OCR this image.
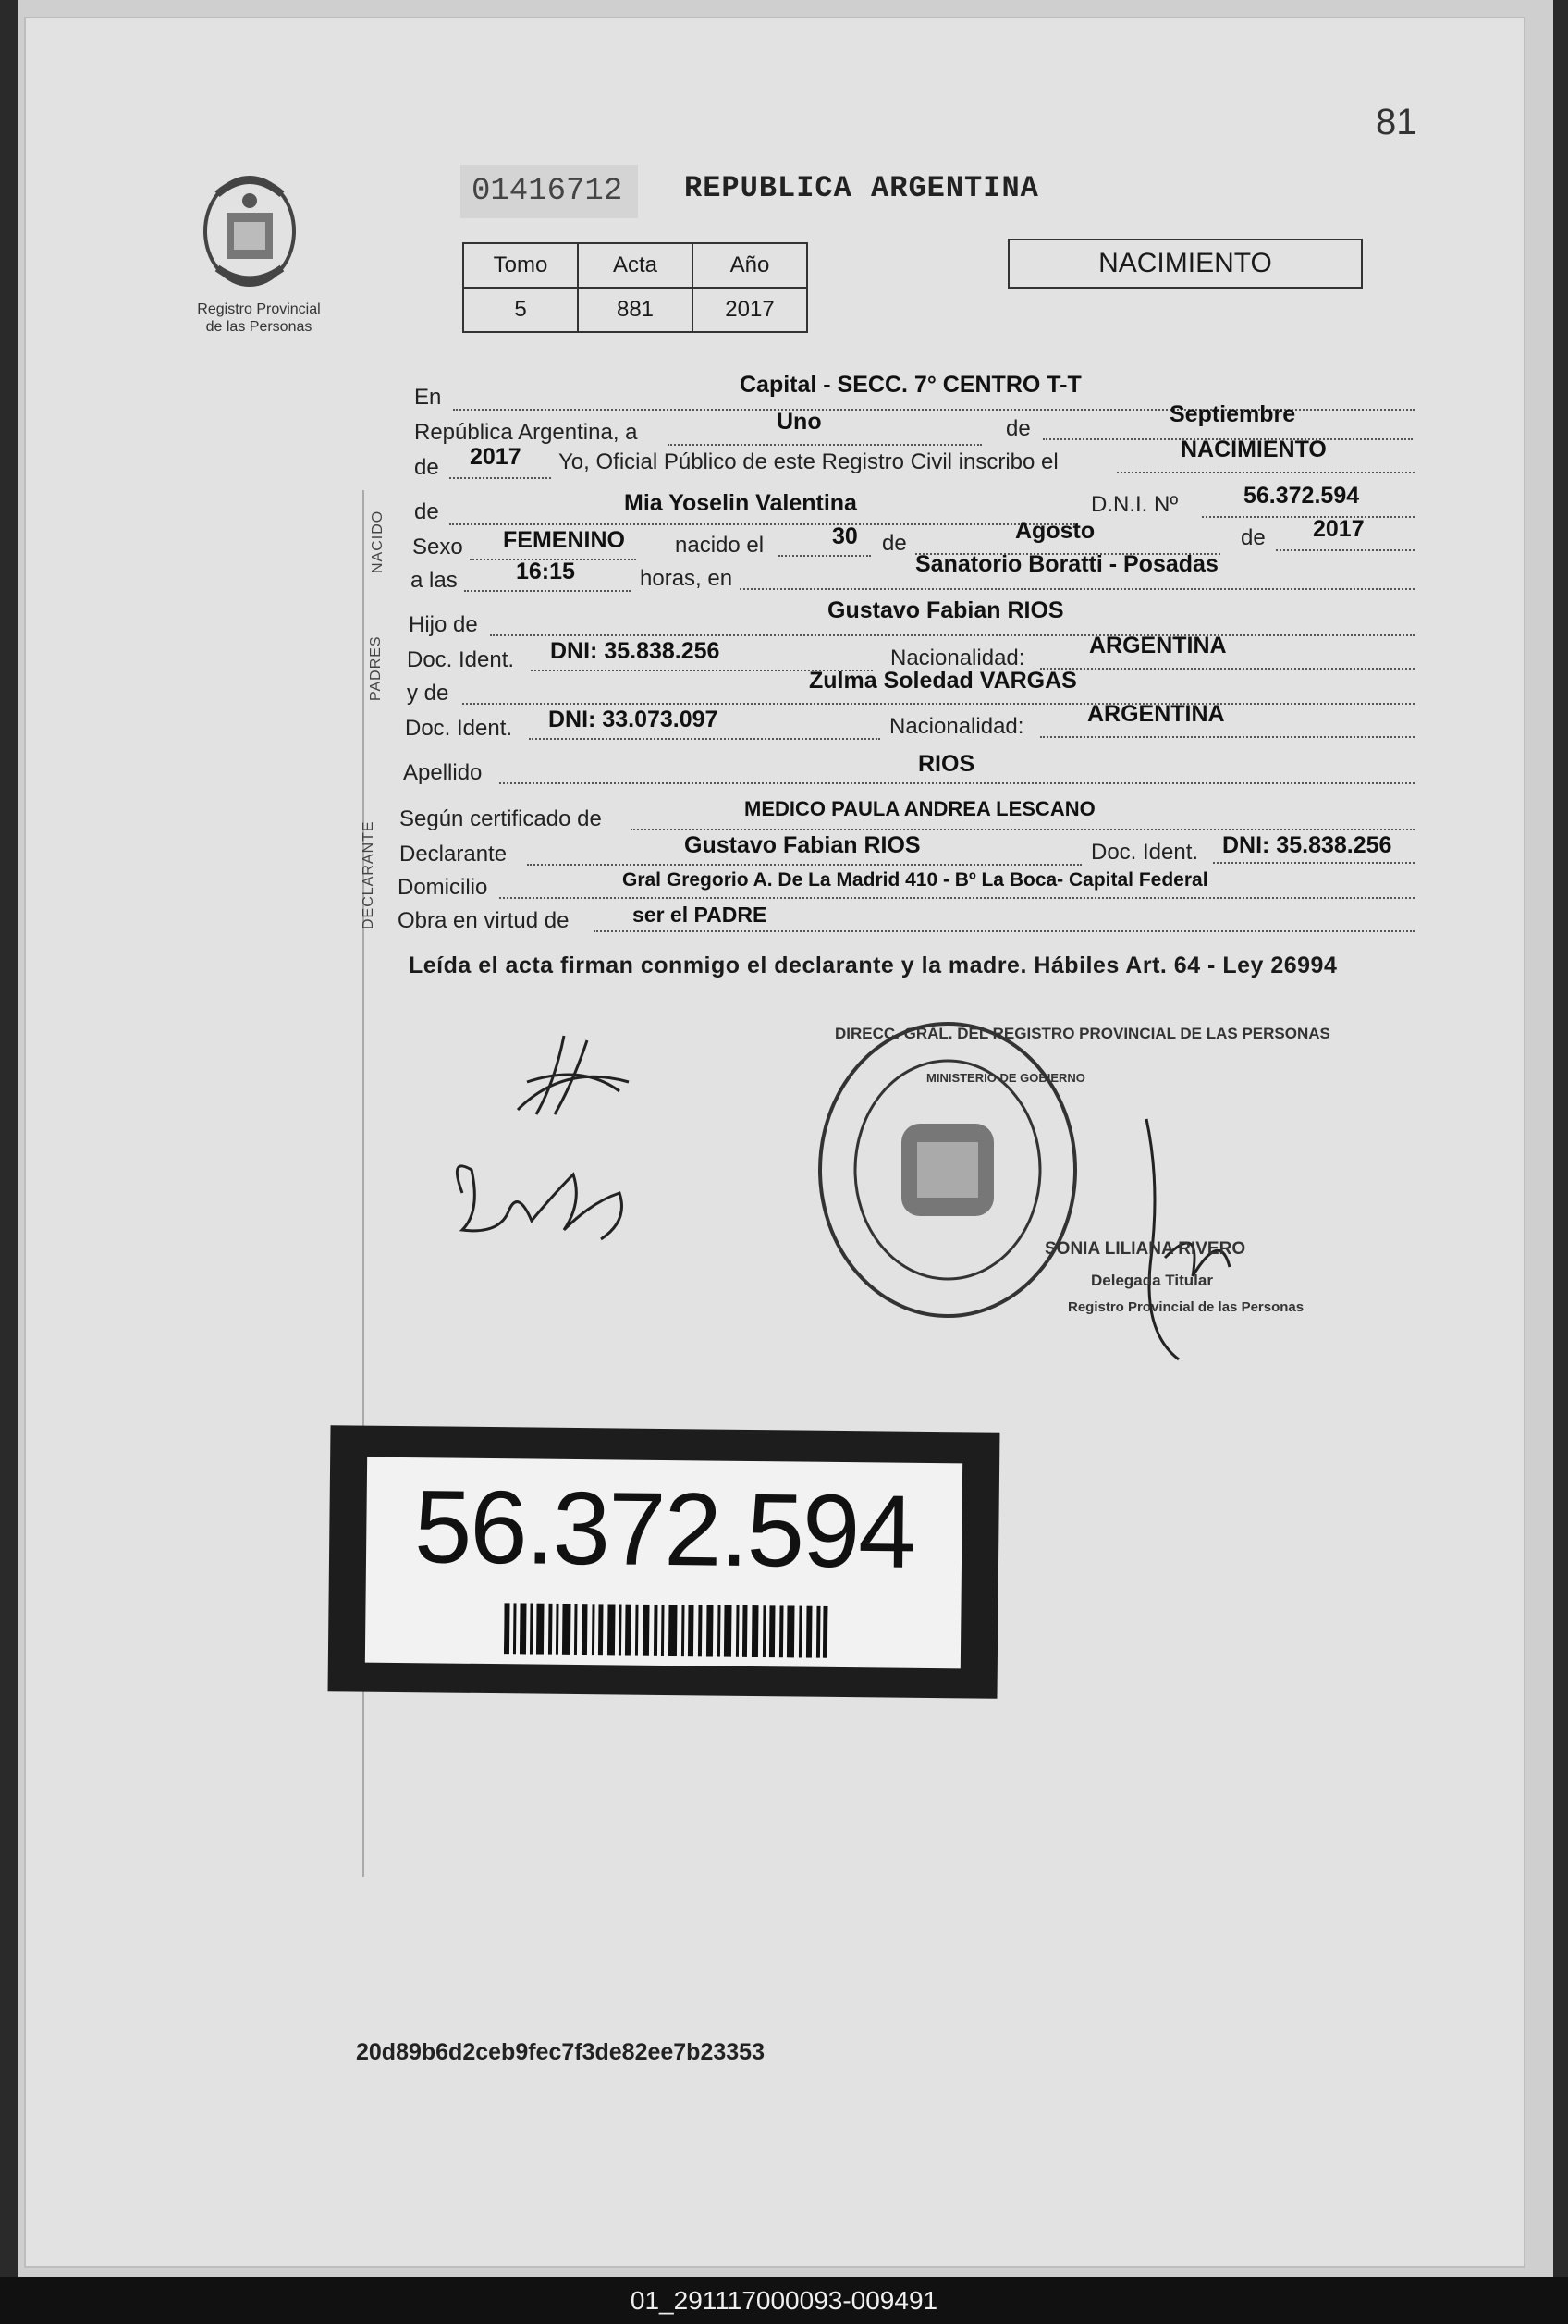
81
Registro Provincial
de las Personas
01416712	REPUBLICA ARGENTINA
Tomo	Acta	Año
5	881	2017
NACIMIENTO
NACIDO
PADRES
DECLARANTE
En	Capital - SECC. 7° CENTRO T-T
República Argentina, a	Uno	de
Septiembre
de 2017 Yo, Oficial Público de este Registro Civil inscribo el	NACIMIENTO
de	Mia Yoselin Valentina	D.N.I. Nº	56.372.594
Sexo FEMENINO nacido el	30 de	Agosto	de 2017
a las	16:15	horas, en
Sanatorio Boratti - Posadas
Hijo de
Gustavo Fabian RIOS
Doc. Ident. DNI: 35.838.256	Nacionalidad:	ARGENTINA
y de	Zulma Soledad VARGAS
Doc. Ident. DNI: 33.073.097	Nacionalidad:	ARGENTINA
Apellido	RIOS
Según certificado de	MEDICO PAULA ANDREA LESCANO
Declarante	Gustavo Fabian RIOS	Doc. Ident. DNI: 35.838.256
Domicilio	Gral Gregorio A. De La Madrid 410 - Bº La Boca- Capital Federal
Obra en virtud de	ser el PADRE
Leída el acta firman conmigo el declarante y la madre. Hábiles Art. 64 - Ley 26994
DIRECC. GRAL. DEL REGISTRO PROVINCIAL DE LAS PERSONAS
MINISTERIO DE GOBIERNO
SONIA LILIANA RIVERO
Delegada Titular
Registro Provincial de las Personas
56.372.594
20d89b6d2ceb9fec7f3de82ee7b23353
01_291117000093-009491
